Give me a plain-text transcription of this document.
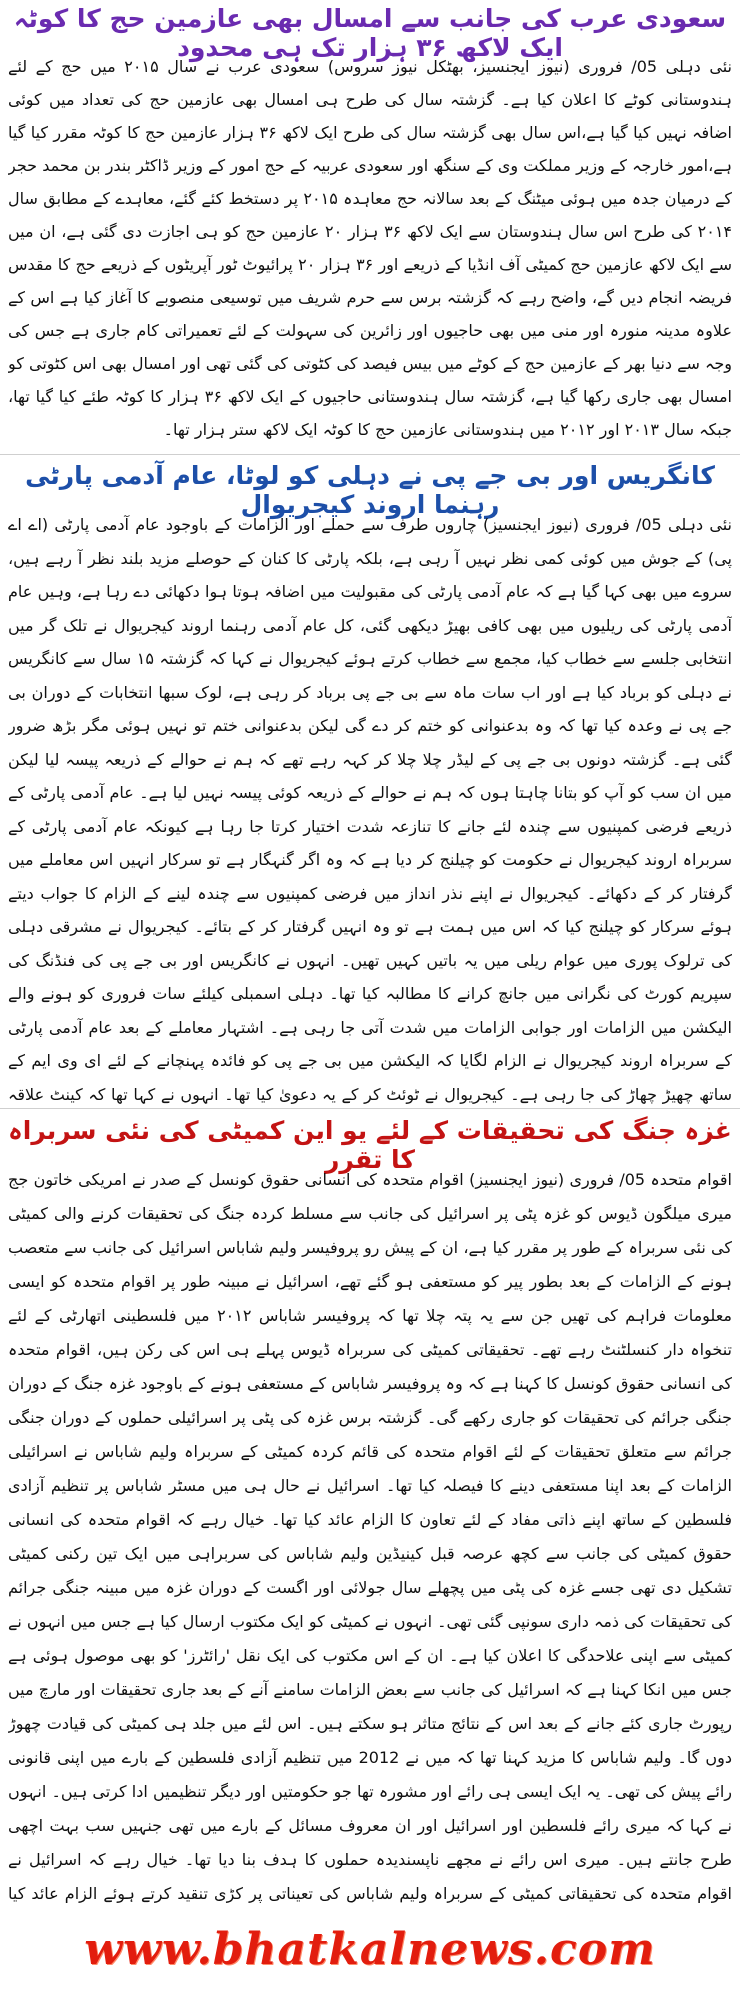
سعودی عرب کی جانب سے امسال بھی عازمین حج کا کوٹہ ایک لاکھ ۳۶ ہزار تک ہی محدود

نئی دہلی 05/ فروری (نیوز ایجنسیز، بھٹکل نیوز سروس) سعودی عرب نے سال ۲۰۱۵ میں حج کے لئے ہندوستانی کوٹے کا اعلان کیا ہے۔ گزشتہ سال کی طرح ہی امسال بھی عازمین حج کی تعداد میں کوئی اضافہ نہیں کیا گیا ہے،اس سال بھی گزشتہ سال کی طرح ایک لاکھ ۳۶ ہزار عازمین حج کا کوٹہ مقرر کیا گیا ہے،امور خارجہ کے وزیر مملکت وی کے سنگھ اور سعودی عربیہ کے حج امور کے وزیر ڈاکٹر بندر بن محمد حجر کے درمیان جدہ میں ہوئی میٹنگ کے بعد سالانہ حج معاہدہ ۲۰۱۵ پر دستخط کئے گئے، معاہدے کے مطابق سال ۲۰۱۴ کی طرح اس سال ہندوستان سے ایک لاکھ ۳۶ ہزار ۲۰ عازمین حج کو ہی اجازت دی گئی ہے، ان میں سے ایک لاکھ عازمین حج کمیٹی آف انڈیا کے ذریعے اور ۳۶ ہزار ۲۰ پرائیوٹ ٹور آپریٹوں کے ذریعے حج کا مقدس فریضہ انجام دیں گے، واضح رہے کہ گزشتہ برس سے حرم شریف میں توسیعی منصوبے کا آغاز کیا ہے اس کے علاوہ مدینہ منورہ اور منی میں بھی حاجیوں اور زائرین کی سہولت کے لئے تعمیراتی کام جاری ہے جس کی وجہ سے دنیا بھر کے عازمین حج کے کوٹے میں بیس فیصد کی کٹوتی کی گئی تھی اور امسال بھی اس کٹوتی کو امسال بھی جاری رکھا گیا ہے، گزشتہ سال ہندوستانی حاجیوں کے ایک لاکھ ۳۶ ہزار کا کوٹہ طئے کیا گیا تھا، جبکہ سال ۲۰۱۳ اور ۲۰۱۲ میں ہندوستانی عازمین حج کا کوٹہ ایک لاکھ ستر ہزار تھا۔

کانگریس اور بی جے پی نے دہلی کو لوٹا، عام آدمی پارٹی رہنما اروند کیجریوال

نئی دہلی 05/ فروری (نیوز ایجنسیز) چاروں طرف سے حملے اور الزامات کے باوجود عام آدمی پارٹی (اے اے پی) کے جوش میں کوئی کمی نظر نہیں آ رہی ہے، بلکہ پارٹی کا کنان کے حوصلے مزید بلند نظر آ رہے ہیں، سروے میں بھی کہا گیا ہے کہ عام آدمی پارٹی کی مقبولیت میں اضافہ ہوتا ہوا دکھائی دے رہا ہے، وہیں عام آدمی پارٹی کی ریلیوں میں بھی کافی بھیڑ دیکھی گئی، کل عام آدمی رہنما اروند کیجریوال نے تلک گر میں انتخابی جلسے سے خطاب کیا، مجمع سے خطاب کرتے ہوئے کیجریوال نے کہا کہ گزشتہ ۱۵ سال سے کانگریس نے دہلی کو برباد کیا ہے اور اب سات ماہ سے بی جے پی برباد کر رہی ہے، لوک سبھا انتخابات کے دوران بی جے پی نے وعدہ کیا تھا کہ وہ بدعنوانی کو ختم کر دے گی لیکن بدعنوانی ختم تو نہیں ہوئی مگر بڑھ ضرور گئی ہے۔ گزشتہ دونوں بی جے پی کے لیڈر چلا چلا کر کہہ رہے تھے کہ ہم نے حوالے کے ذریعہ پیسہ لیا لیکن میں ان سب کو آپ کو بتانا چاہتا ہوں کہ ہم نے حوالے کے ذریعہ کوئی پیسہ نہیں لیا ہے۔ عام آدمی پارٹی کے ذریعے فرضی کمپنیوں سے چندہ لئے جانے کا تنازعہ شدت اختیار کرتا جا رہا ہے کیونکہ عام آدمی پارٹی کے سربراہ اروند کیجریوال نے حکومت کو چیلنج کر دیا ہے کہ وہ اگر گنہگار ہے تو سرکار انہیں اس معاملے میں گرفتار کر کے دکھائے۔ کیجریوال نے اپنے نذر انداز میں فرضی کمپنیوں سے چندہ لینے کے الزام کا جواب دیتے ہوئے سرکار کو چیلنج کیا کہ اس میں ہمت ہے تو وہ انہیں گرفتار کر کے بتائے۔ کیجریوال نے مشرقی دہلی کی ترلوک پوری میں عوام ریلی میں یہ باتیں کہیں تھیں۔ انہوں نے کانگریس اور بی جے پی کی فنڈنگ کی سپریم کورٹ کی نگرانی میں جانچ کرانے کا مطالبہ کیا تھا۔ دہلی اسمبلی کیلئے سات فروری کو ہونے والے الیکشن میں الزامات اور جوابی الزامات میں شدت آتی جا رہی ہے۔ اشتہار معاملے کے بعد عام آدمی پارٹی کے سربراہ اروند کیجریوال نے الزام لگایا کہ الیکشن میں بی جے پی کو فائدہ پہنچانے کے لئے ای وی ایم کے ساتھ چھیڑ چھاڑ کی جا رہی ہے۔ کیجریوال نے ٹوئٹ کر کے یہ دعویٰ کیا تھا۔ انہوں نے کہا تھا کہ کینٹ علاقہ

غزہ جنگ کی تحقیقات کے لئے یو این کمیٹی کی نئی سربراہ کا تقرر

اقوام متحدہ 05/ فروری (نیوز ایجنسیز) اقوام متحدہ کی انسانی حقوق کونسل کے صدر نے امریکی خاتون جج میری میلگون ڈیوس کو غزہ پٹی پر اسرائیل کی جانب سے مسلط کردہ جنگ کی تحقیقات کرنے والی کمیٹی کی نئی سربراہ کے طور پر مقرر کیا ہے، ان کے پیش رو پروفیسر ولیم شاباس اسرائیل کی جانب سے متعصب ہونے کے الزامات کے بعد بطور پیر کو مستعفی ہو گئے تھے، اسرائیل نے مبینہ طور پر اقوام متحدہ کو ایسی معلومات فراہم کی تھیں جن سے یہ پتہ چلا تھا کہ پروفیسر شاباس ۲۰۱۲ میں فلسطینی اتھارٹی کے لئے تنخواہ دار کنسلٹنٹ رہے تھے۔ تحقیقاتی کمیٹی کی سربراہ ڈیوس پہلے ہی اس کی رکن ہیں، اقوام متحدہ کی انسانی حقوق کونسل کا کہنا ہے کہ وہ پروفیسر شاباس کے مستعفی ہونے کے باوجود غزہ جنگ کے دوران جنگی جرائم کی تحقیقات کو جاری رکھے گی۔ گزشتہ برس غزہ کی پٹی پر اسرائیلی حملوں کے دوران جنگی جرائم سے متعلق تحقیقات کے لئے اقوام متحدہ کی قائم کردہ کمیٹی کے سربراہ ولیم شاباس نے اسرائیلی الزامات کے بعد اپنا مستعفی دینے کا فیصلہ کیا تھا۔ اسرائیل نے حال ہی میں مسٹر شاباس پر تنظیم آزادی فلسطین کے ساتھ اپنے ذاتی مفاد کے لئے تعاون کا الزام عائد کیا تھا۔ خیال رہے کہ اقوام متحدہ کی انسانی حقوق کمیٹی کی جانب سے کچھ عرصہ قبل کینیڈین ولیم شاباس کی سربراہی میں ایک تین رکنی کمیٹی تشکیل دی تھی جسے غزہ کی پٹی میں پچھلے سال جولائی اور اگست کے دوران غزہ میں مبینہ جنگی جرائم کی تحقیقات کی ذمہ داری سونپی گئی تھی۔ انہوں نے کمیٹی کو ایک مکتوب ارسال کیا ہے جس میں انہوں نے کمیٹی سے اپنی علاحدگی کا اعلان کیا ہے۔ ان کے اس مکتوب کی ایک نقل 'رائٹرز' کو بھی موصول ہوئی ہے جس میں انکا کہنا ہے کہ اسرائیل کی جانب سے بعض الزامات سامنے آنے کے بعد جاری تحقیقات اور مارچ میں رپورٹ جاری کئے جانے کے بعد اس کے نتائج متاثر ہو سکتے ہیں۔ اس لئے میں جلد ہی کمیٹی کی قیادت چھوڑ دوں گا۔ ولیم شاباس کا مزید کہنا تھا کہ میں نے 2012 میں تنظیم آزادی فلسطین کے بارے میں اپنی قانونی رائے پیش کی تھی۔ یہ ایک ایسی ہی رائے اور مشورہ تھا جو حکومتیں اور دیگر تنظیمیں ادا کرتی ہیں۔ انہوں نے کہا کہ میری رائے فلسطین اور اسرائیل اور ان معروف مسائل کے بارے میں تھی جنہیں سب بہت اچھی طرح جانتے ہیں۔ میری اس رائے نے مجھے ناپسندیدہ حملوں کا ہدف بنا دیا تھا۔ خیال رہے کہ اسرائیل نے اقوام متحدہ کی تحقیقاتی کمیٹی کے سربراہ ولیم شاباس کی تعیناتی پر کڑی تنقید کرتے ہوئے الزام عائد کیا

www.bhatkalnews.com
